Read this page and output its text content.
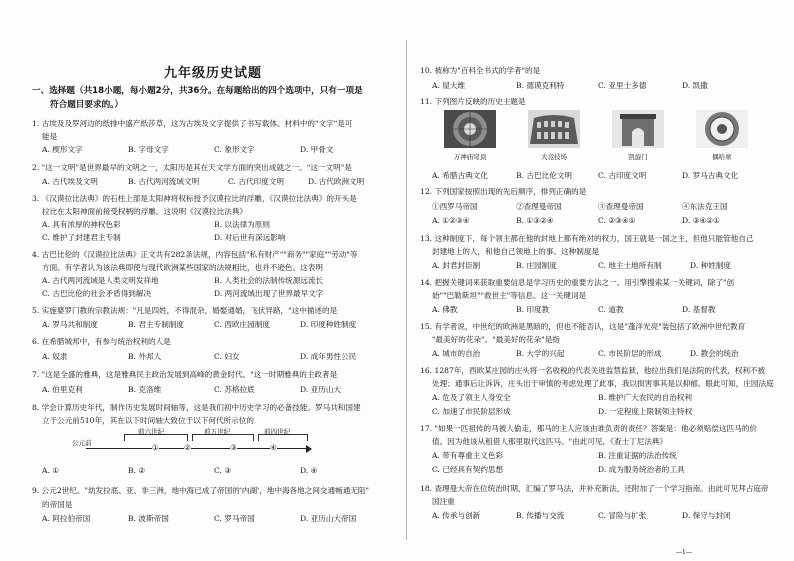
九年级历史试题
一、选择题（共18小题，每小题2分，共36分。在每题给出的四个选项中，只有一项是
符合题目要求的。）
1. 古埃及及罗河边的纸排中盛产纸莎草，这为古埃及文字提供了书写载体。材料中的"文字"是可
能是
A. 楔形文字	B. 字母文字	C. 象形文字	D. 甲骨文
2. "这一文明"是世界最早的文明之一，太阳历是其在天文学方面的突出成就之一。"这一文明"是
A. 古代埃及文明	B. 古代两河流域文明	C. 古代印度文明	D. 古代欧洲文明
3. 《汉谟拉比法典》的石柱上部是太阳神将权标授予汉谟拉比的浮雕，《汉谟拉比法典》的开头是
拉比在太阳神面前接受权柄的浮雕。这说明《汉谟拉比法典》
A. 具有浓厚的神权色彩	B. 以法律为原则
C. 维护了封建君主专制	D. 对后世有深远影响
4. 古巴比伦的《汉谟拉比法典》正文共有282条法规，内容包括"私有财产""商务""家庭""劳动"等
方面。有学者认为该法典即使与现代欧洲某些国家的法规相比，也并不逊色。这表明
A. 古代两河流域是人类文明发祥地	B. 人类社会的法制传统源远流长
C. 古巴比伦的社会矛盾得到解决	D. 两河流域出现了世界最早文字
5. 实施婆罗门教的宗教法规："凡是四姓，不得混杂，婚娶通婚，飞伏异路，"这中描述的是
A. 罗马共和制度	B. 君主专制制度	C. 西欧庄园制度	D. 印度种姓制度
6. 在希腊城邦中，有参与统治权利的人是
A. 奴隶	B. 外邦人	C. 妇女	D. 成年男性公民
7. "这是全盛的雅典，这是雅典民主政治发展到高峰的黄金时代。"这一时期雅典的主政者是
A. 伯里克利	B. 克洛维	C. 苏格拉底	D. 亚历山大
8. 学会计算历史年代，制作历史发展时间轴等，这是我们初中历史学习的必备技能。罗马共和国建
立于公元前510年，其在以下时间轴大致位于以下何代所示位的
公元前
前六世纪	前五世纪	前四世纪
①	②	③	④
A. ①	B. ②	C. ③	D. ④
9. 公元2世纪，"幼发拉底、亚、非三洲，地中海已成了帝国的'内湖'，地中海各地之间交通畅通无阻"
的帝国是
A. 阿拉伯帝国	B. 波斯帝国	C. 罗马帝国	D. 亚历山大帝国
10. 被称为"百科全书式的学者"的是
A. 屋大维	B. 德谟克利特	C. 亚里士多德	D. 凯撒
11. 下列图片反映的历史主题是
万神庙穹顶	大竞技场	凯旋门	偶哈席
A. 希腊古典文化	B. 古巴比伦文明	C. 古印度文明	D. 罗马古典文化
12. 下列国家按照出现的先后顺序，排列正确的是
①西罗马帝国	②查理曼帝国	③查理曼帝国	④东法克王国
A. ①②③④	B. ①③②④	C. ②③④①	D. ③④②①
13. 这种制度下，每个领主都在他的封地上都有绝对的权力，国王就是一国之主，但他只能管他自己
封建地上的人，和他自己领地上的事。这种制度是
A. 封君封臣制	B. 庄园制度	C. 地主土地所有制	D. 种姓制度
14. 把握关键词来获取重要信息是学习历史的重要方法之一。用引擎搜索某一关键词，除了"创
始""巴勒斯坦""救世主"等信息。这一关键词是
A. 佛教	B. 印度教	C. 道教	D. 基督教
15. 有学者说，中世纪的欧洲是黑暗的，但也不能否认，这是"蓬洋光亮"装包括了欧洲中世纪教育
"最美好的花朵"。"最美好的花朵"是指
A. 城市的自治	B. 大学的兴起	C. 市民阶层的形成	D. 教会的统治
16. 1287年，西欧某庄园的庄头将一名收税的代表关进监禁监狱，他拉出我们是法院的代表，权利不被
处理；通事后让诉诉，庄头出于审慎的考虑处理了此事，我以损害事其是以抑郁。眼此可知，庄园法庭
A. 危及了领主人身安全	B. 维护广大农民的自治权利
C. 加速了市民阶层形成	D. 一定程度上限制领主特权
17. "如果一匹祖传的马被人偷走，那马的主人应该由谁负责的责任？答案是：他必须赔偿这匹马的价
值。因为他该从租借人那里取代这匹马。"由此可见，《查士丁尼法典》
A. 带有尊重主义色彩	B. 注重证据的法治传统
C. 已经具有契约思想	D. 成为服务统治者的工具
18. 查理曼大帝在位统治时期，汇编了罗马法，并补充新法，还附加了一个学习指南。由此可见拜占庭帝
国注重
A. 传承与创新	B. 传播与交流	C. 冒险与扩张	D. 保守与封闭
—1—
